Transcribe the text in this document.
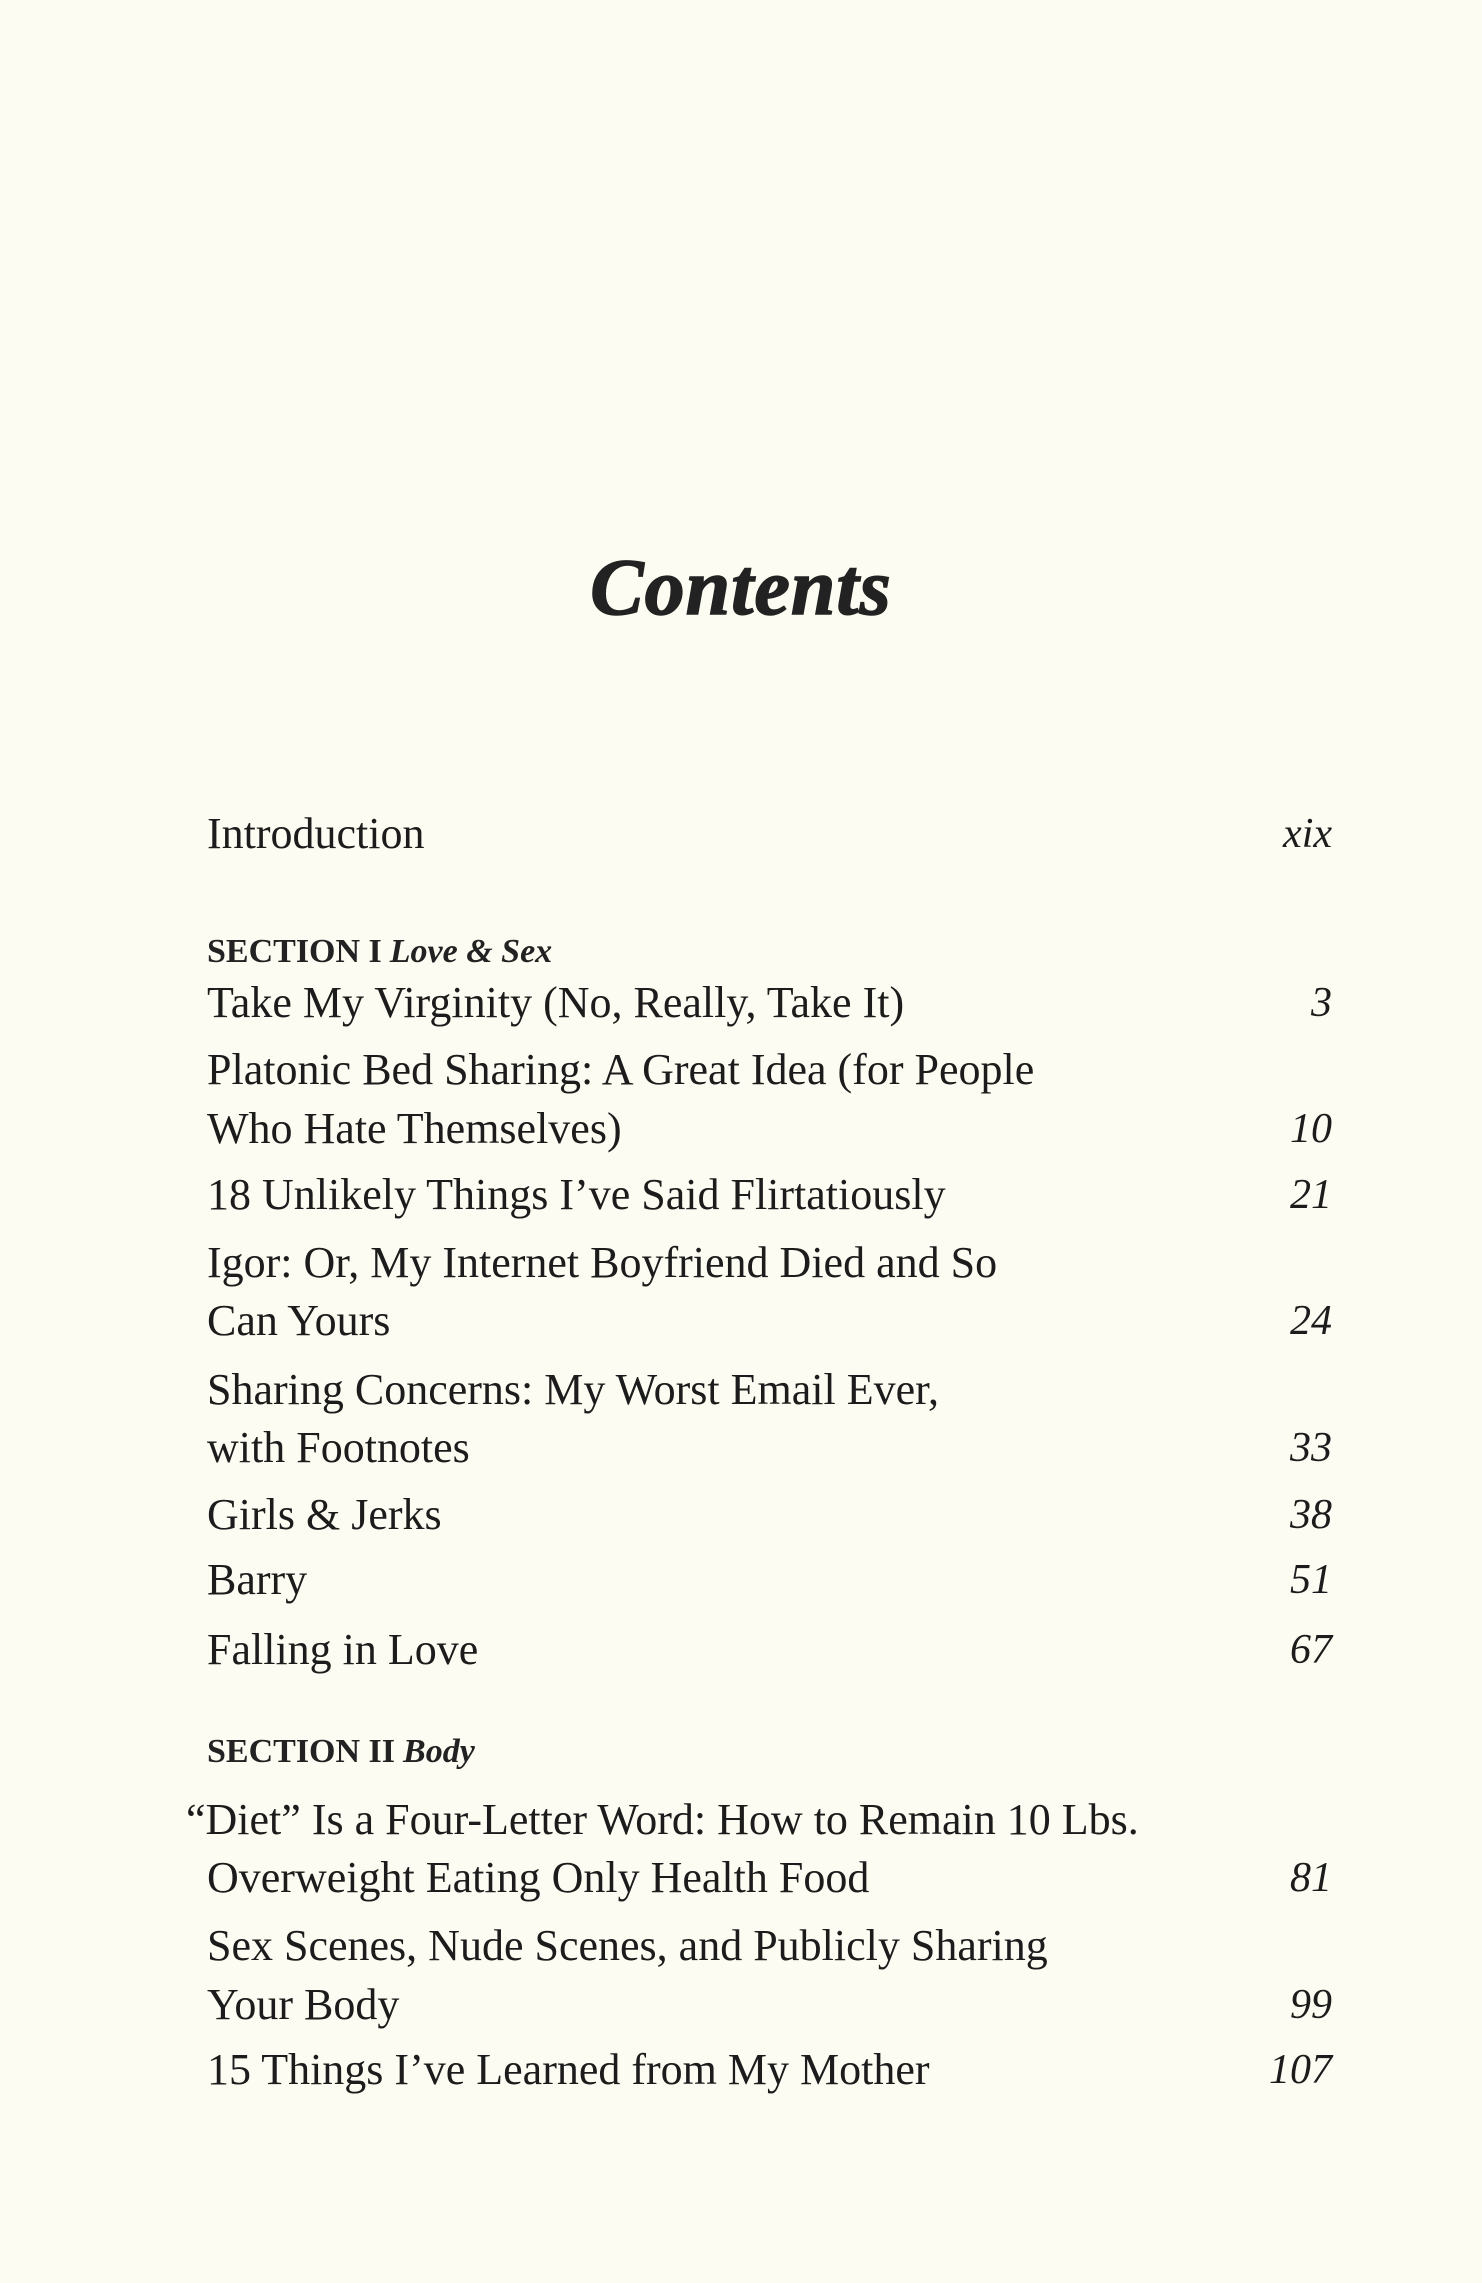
Contents
Introduction	xix
SECTION I Love & Sex
Take My Virginity (No, Really, Take It)	3
Platonic Bed Sharing: A Great Idea (for People
Who Hate Themselves)	10
18 Unlikely Things I’ve Said Flirtatiously	21
Igor: Or, My Internet Boyfriend Died and So
Can Yours	24
Sharing Concerns: My Worst Email Ever,
with Footnotes	33
Girls & Jerks	38
Barry	51
Falling in Love	67
SECTION II Body
“Diet” Is a Four-Letter Word: How to Remain 10 Lbs.
Overweight Eating Only Health Food	81
Sex Scenes, Nude Scenes, and Publicly Sharing
Your Body	99
15 Things I’ve Learned from My Mother	107
